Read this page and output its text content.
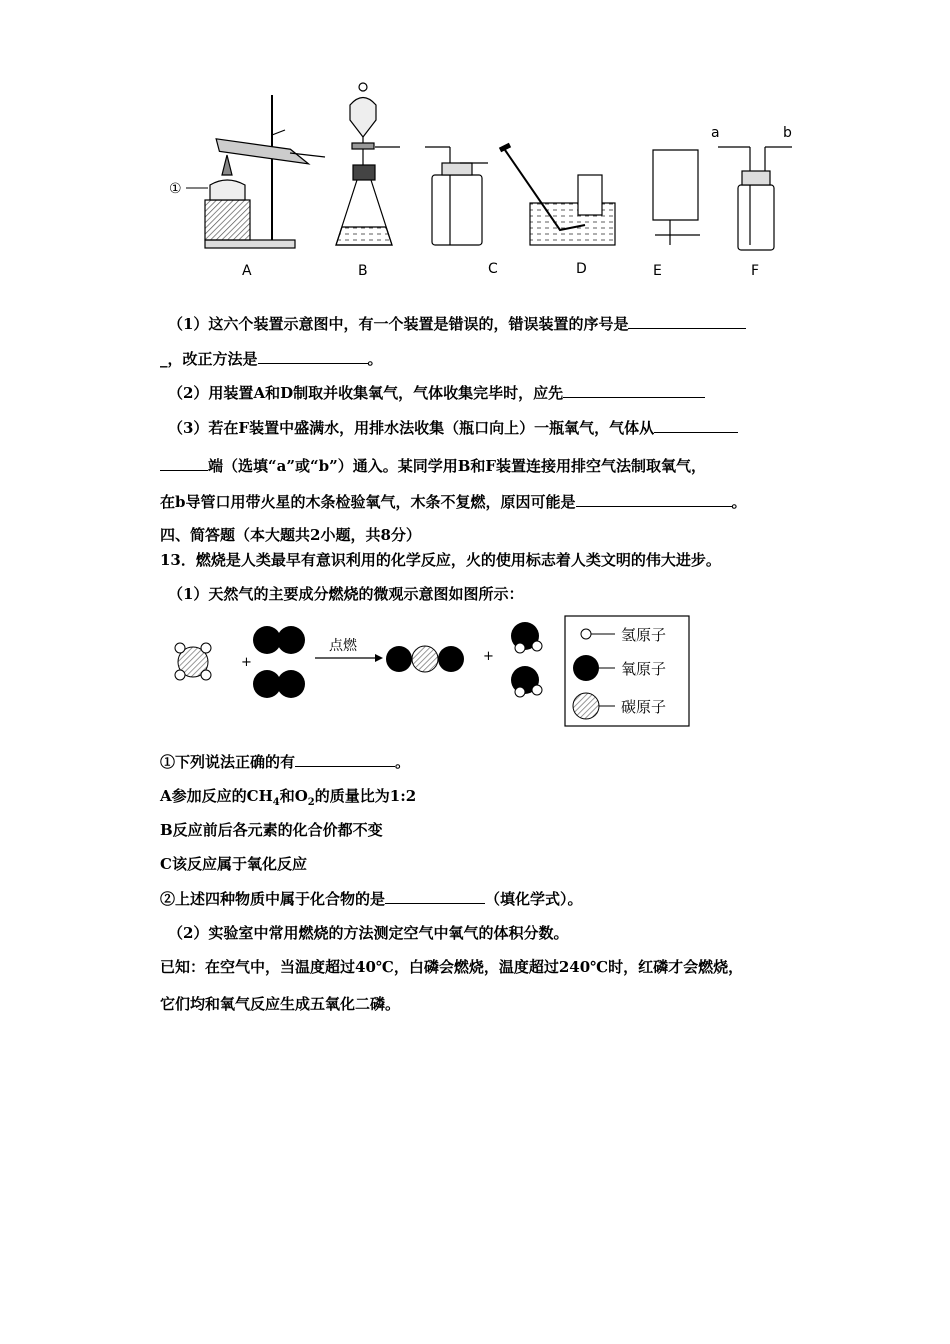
①
A	B	C	D	E	F
a	b
（1）这六个装置示意图中，有一个装置是错误的，错误装置的序号是
_，改正方法是	。
（2）用装置A和D制取并收集氧气，气体收集完毕时，应先
（3）若在F装置中盛满水，用排水法收集（瓶口向上）一瓶氧气，气体从
端（选填“a”或“b”）通入。某同学用B和F装置连接用排空气法制取氧气，
在b导管口用带火星的木条检验氧气，木条不复燃，原因可能是	。
四、简答题（本大题共2小题，共8分）
13．燃烧是人类最早有意识利用的化学反应，火的使用标志着人类文明的伟大进步。
（1）天然气的主要成分燃烧的微观示意图如图所示：
+
点燃
+
氢原子
氧原子
碳原子
①下列说法正确的有	。
A参加反应的$CH_4$和$O_2$的质量比为1:2
B反应前后各元素的化合价都不变
C该反应属于氧化反应
②上述四种物质中属于化合物的是	（填化学式）。
（2）实验室中常用燃烧的方法测定空气中氧气的体积分数。
已知：在空气中，当温度超过40℃，白磷会燃烧，温度超过240℃时，红磷才会燃烧，
它们均和氧气反应生成五氧化二磷。
